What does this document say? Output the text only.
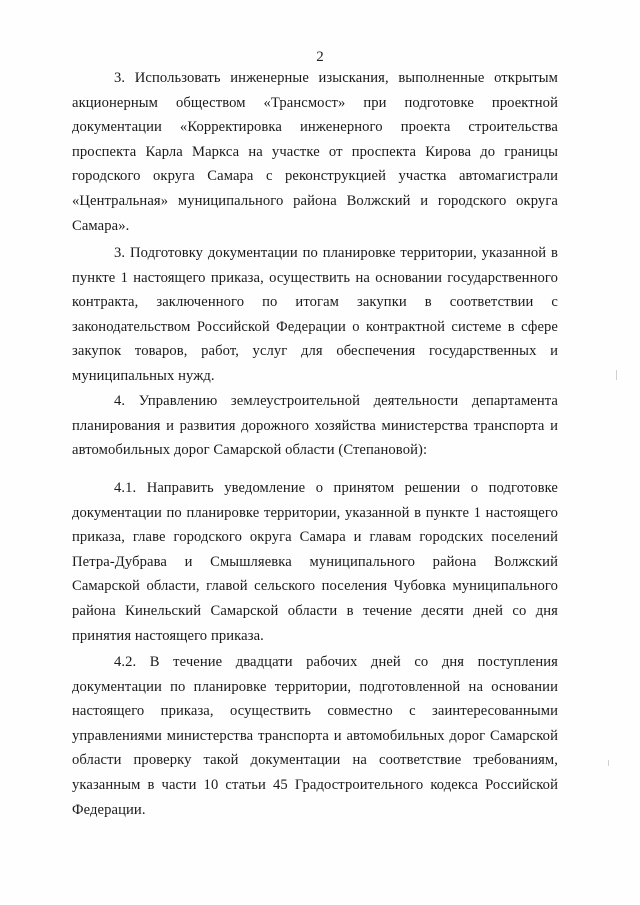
2
3. Использовать инженерные изыскания, выполненные открытым акционерным обществом «Трансмост» при подготовке проектной документации «Корректировка инженерного проекта строительства проспекта Карла Маркса на участке от проспекта Кирова до границы городского округа Самара с реконструкцией участка автомагистрали «Центральная» муниципального района Волжский и городского округа Самара».
3. Подготовку документации по планировке территории, указанной в пункте 1 настоящего приказа, осуществить на основании государственного контракта, заключенного по итогам закупки в соответствии с законодательством Российской Федерации о контрактной системе в сфере закупок товаров, работ, услуг для обеспечения государственных и муниципальных нужд.
4. Управлению землеустроительной деятельности департамента планирования и развития дорожного хозяйства министерства транспорта и автомобильных дорог Самарской области (Степановой):
4.1. Направить уведомление о принятом решении о подготовке документации по планировке территории, указанной в пункте 1 настоящего приказа, главе городского округа Самара и главам городских поселений Петра-Дубрава и Смышляевка муниципального района Волжский Самарской области, главой сельского поселения Чубовка муниципального района Кинельский Самарской области в течение десяти дней со дня принятия настоящего приказа.
4.2. В течение двадцати рабочих дней со дня поступления документации по планировке территории, подготовленной на основании настоящего приказа, осуществить совместно с заинтересованными управлениями министерства транспорта и автомобильных дорог Самарской области проверку такой документации на соответствие требованиям, указанным в части 10 статьи 45 Градостроительного кодекса Российской Федерации.
